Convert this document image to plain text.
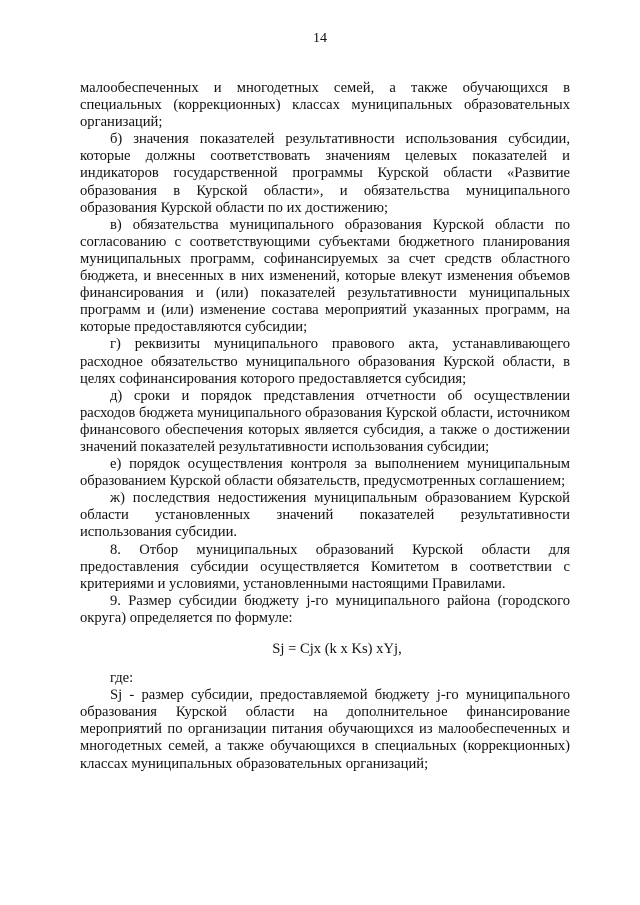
14

малообеспеченных и многодетных семей, а также обучающихся в специальных (коррекционных) классах муниципальных образовательных организаций;

б) значения показателей результативности использования субсидии, которые должны соответствовать значениям целевых показателей и индикаторов государственной программы Курской области «Развитие образования в Курской области», и обязательства муниципального образования Курской области по их достижению;

в) обязательства муниципального образования Курской области по согласованию с соответствующими субъектами бюджетного планирования муниципальных программ, софинансируемых за счет средств областного бюджета, и внесенных в них изменений, которые влекут изменения объемов финансирования и (или) показателей результативности муниципальных программ и (или) изменение состава мероприятий указанных программ, на которые предоставляются субсидии;

г) реквизиты муниципального правового акта, устанавливающего расходное обязательство муниципального образования Курской области, в целях софинансирования которого предоставляется субсидия;

д) сроки и порядок представления отчетности об осуществлении расходов бюджета муниципального образования Курской области, источником финансового обеспечения которых является субсидия, а также о достижении значений показателей результативности использования субсидии;

е) порядок осуществления контроля за выполнением муниципальным образованием Курской области обязательств, предусмотренных соглашением;

ж) последствия недостижения муниципальным образованием Курской области установленных значений показателей результативности использования субсидии.

8. Отбор муниципальных образований Курской области для предоставления субсидии осуществляется Комитетом в соответствии с критериями и условиями, установленными настоящими Правилами.

9. Размер субсидии бюджету j-го муниципального района (городского округа) определяется по формуле:

Sj = Cjx (k x Ks) xYj,

где:

Sj - размер субсидии, предоставляемой бюджету j-го муниципального образования Курской области на дополнительное финансирование мероприятий по организации питания обучающихся из малообеспеченных и многодетных семей, а также обучающихся в специальных (коррекционных) классах муниципальных образовательных организаций;
